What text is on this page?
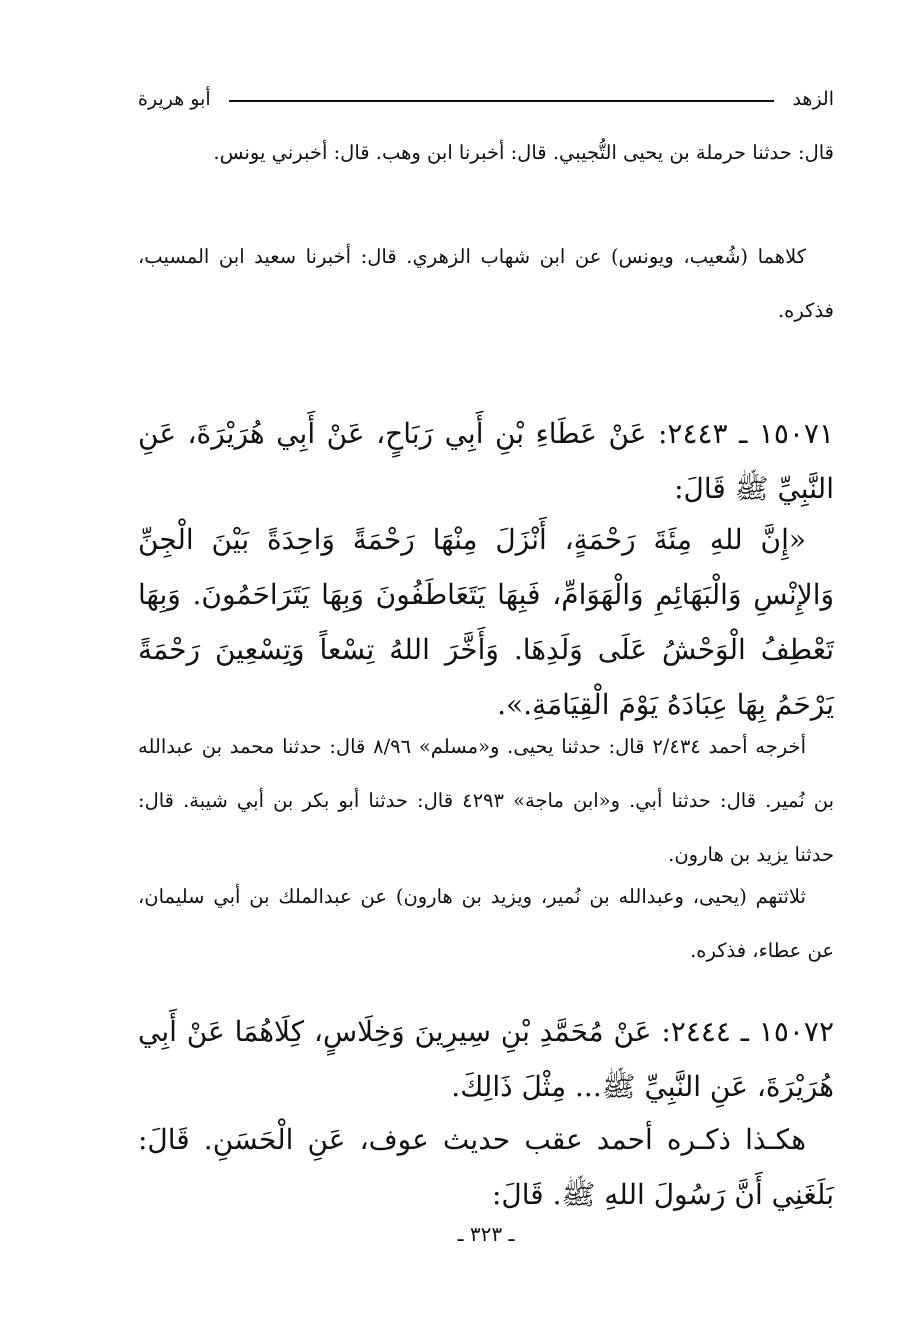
الزهد
أبو هريرة

قال: حدثنا حرملة بن يحيى التُّجيبي. قال: أخبرنا ابن وهب. قال: أخبرني يونس.

كلاهما (شُعيب، ويونس) عن ابن شهاب الزهري. قال: أخبرنا سعيد ابن المسيب، فذكره.

١٥٠٧١ ـ ٢٤٤٣: عَنْ عَطَاءِ بْنِ أَبِي رَبَاحٍ، عَنْ أَبِي هُرَيْرَةَ، عَنِ النَّبِيِّ ﷺ قَالَ:

«إِنَّ للهِ مِئَةَ رَحْمَةٍ، أَنْزَلَ مِنْهَا رَحْمَةً وَاحِدَةً بَيْنَ الْجِنِّ وَالإِنْسِ وَالْبَهَائِمِ وَالْهَوَامِّ، فَبِهَا يَتَعَاطَفُونَ وَبِهَا يَتَرَاحَمُونَ. وَبِهَا تَعْطِفُ الْوَحْشُ عَلَى وَلَدِهَا. وَأَخَّرَ اللهُ تِسْعاً وَتِسْعِينَ رَحْمَةً يَرْحَمُ بِهَا عِبَادَهُ يَوْمَ الْقِيَامَةِ.».

أخرجه أحمد ٢/٤٣٤ قال: حدثنا يحيى. و«مسلم» ٨/٩٦ قال: حدثنا محمد بن عبدالله بن نُمير. قال: حدثنا أبي. و«ابن ماجة» ٤٢٩٣ قال: حدثنا أبو بكر بن أبي شيبة. قال: حدثنا يزيد بن هارون.

ثلاثتهم (يحيى، وعبدالله بن نُمير، ويزيد بن هارون) عن عبدالملك بن أبي سليمان، عن عطاء، فذكره.

١٥٠٧٢ ـ ٢٤٤٤: عَنْ مُحَمَّدِ بْنِ سِيرِينَ وَخِلَاسٍ، كِلَاهُمَا عَنْ أَبِي هُرَيْرَةَ، عَنِ النَّبِيِّ ﷺ... مِثْلَ ذَالِكَ.

هكـذا ذكـره أحمد عقب حديث عوف، عَنِ الْحَسَنِ. قَالَ: بَلَغَنِي أَنَّ رَسُولَ اللهِ ﷺ. قَالَ:

ـ ٣٢٣ ـ
